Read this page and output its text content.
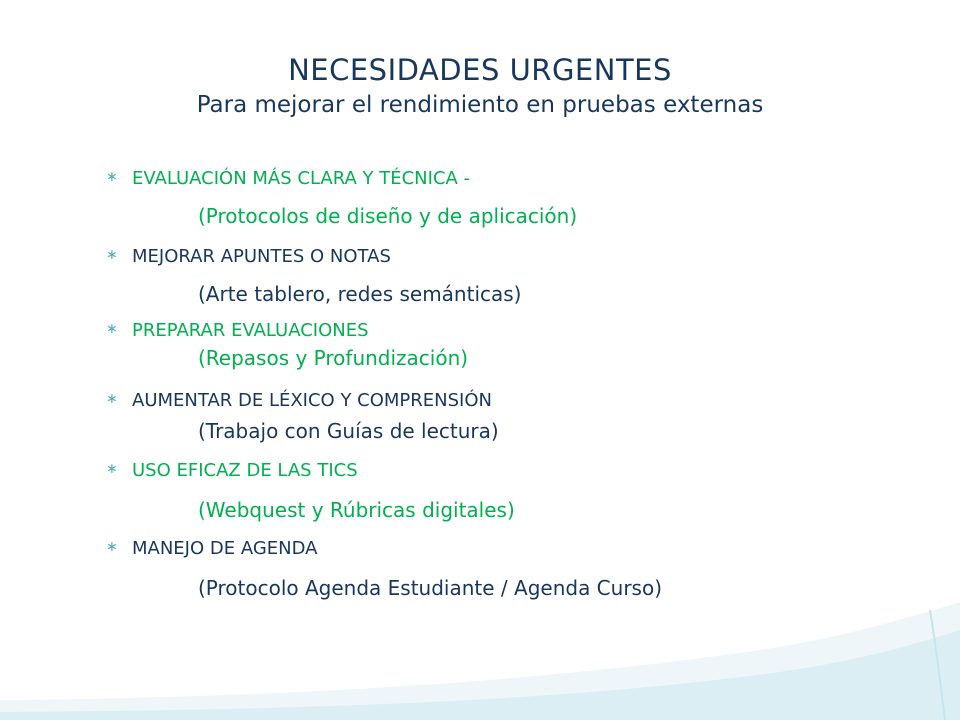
NECESIDADES URGENTES
Para mejorar el rendimiento en pruebas externas
∗ EVALUACIÓN MÁS CLARA Y TÉCNICA -
(Protocolos de diseño y de aplicación)
∗ MEJORAR APUNTES O NOTAS
(Arte tablero, redes semánticas)
∗ PREPARAR EVALUACIONES
(Repasos y Profundización)
∗ AUMENTAR DE LÉXICO Y COMPRENSIÓN
(Trabajo con Guías de lectura)
∗ USO EFICAZ DE LAS TICS
(Webquest y Rúbricas digitales)
∗ MANEJO DE AGENDA
(Protocolo Agenda Estudiante / Agenda Curso)
